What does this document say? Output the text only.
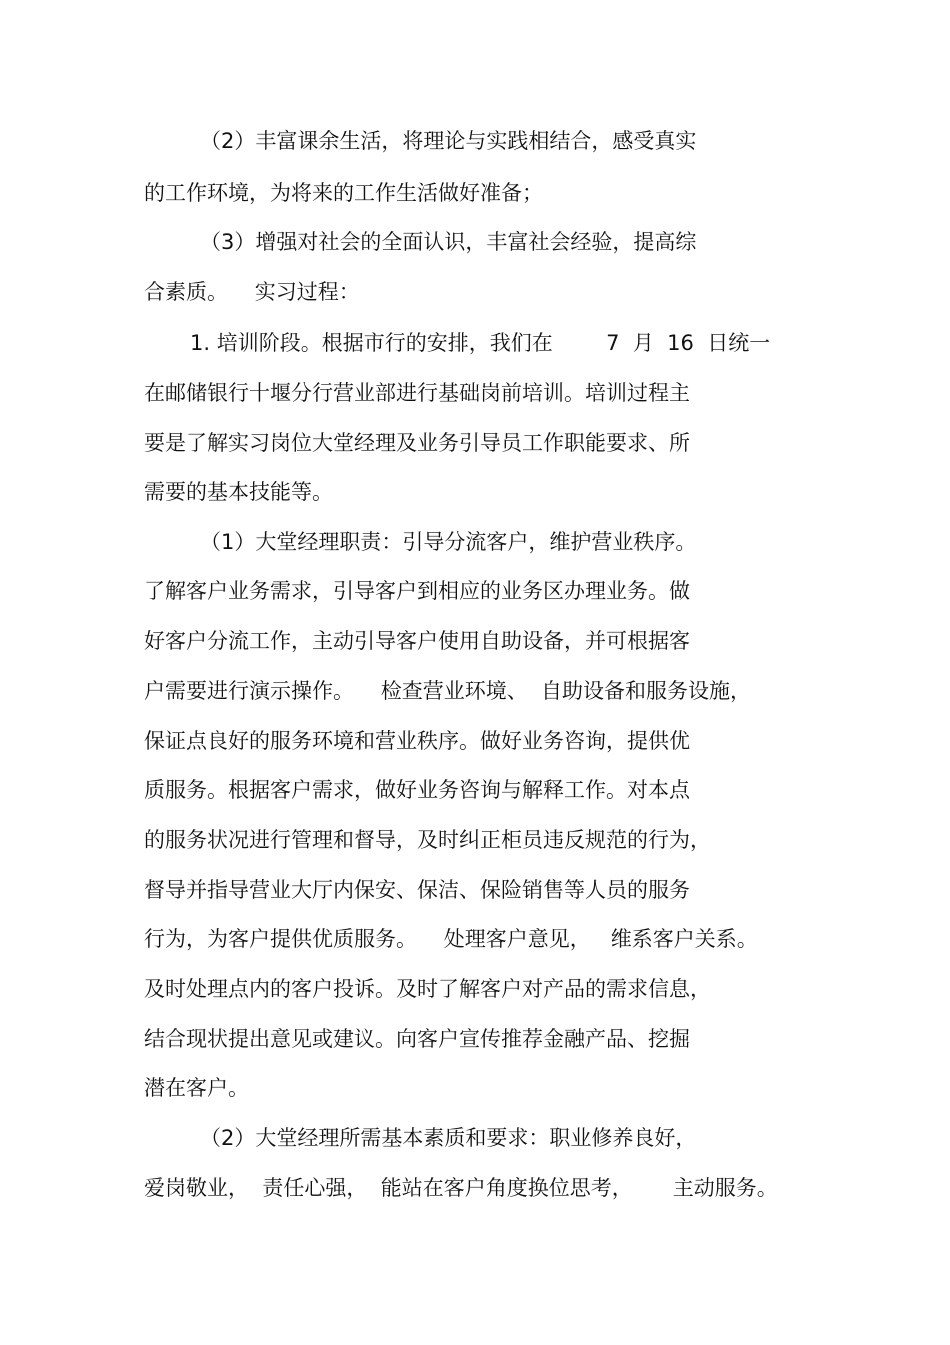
（2）丰富课余生活，将理论与实践相结合，感受真实

的工作环境，为将来的工作生活做好准备；

（3）增强对社会的全面认识，丰富社会经验，提高综

合素质。    实习过程：

1. 培训阶段。根据市行的安排，我们在        7  月  16  日统一

在邮储银行十堰分行营业部进行基础岗前培训。培训过程主

要是了解实习岗位大堂经理及业务引导员工作职能要求、所

需要的基本技能等。

（1）大堂经理职责：引导分流客户，维护营业秩序。

了解客户业务需求，引导客户到相应的业务区办理业务。做

好客户分流工作，主动引导客户使用自助设备，并可根据客

户需要进行演示操作。    检查营业环境、  自助设备和服务设施，

保证点良好的服务环境和营业秩序。做好业务咨询，提供优

质服务。根据客户需求，做好业务咨询与解释工作。对本点

的服务状况进行管理和督导，及时纠正柜员违反规范的行为，

督导并指导营业大厅内保安、保洁、保险销售等人员的服务

行为，为客户提供优质服务。    处理客户意见，   维系客户关系。

及时处理点内的客户投诉。及时了解客户对产品的需求信息，

结合现状提出意见或建议。向客户宣传推荐金融产品、挖掘

潜在客户。

（2）大堂经理所需基本素质和要求：职业修养良好，

爱岗敬业，  责任心强，  能站在客户角度换位思考，      主动服务。
